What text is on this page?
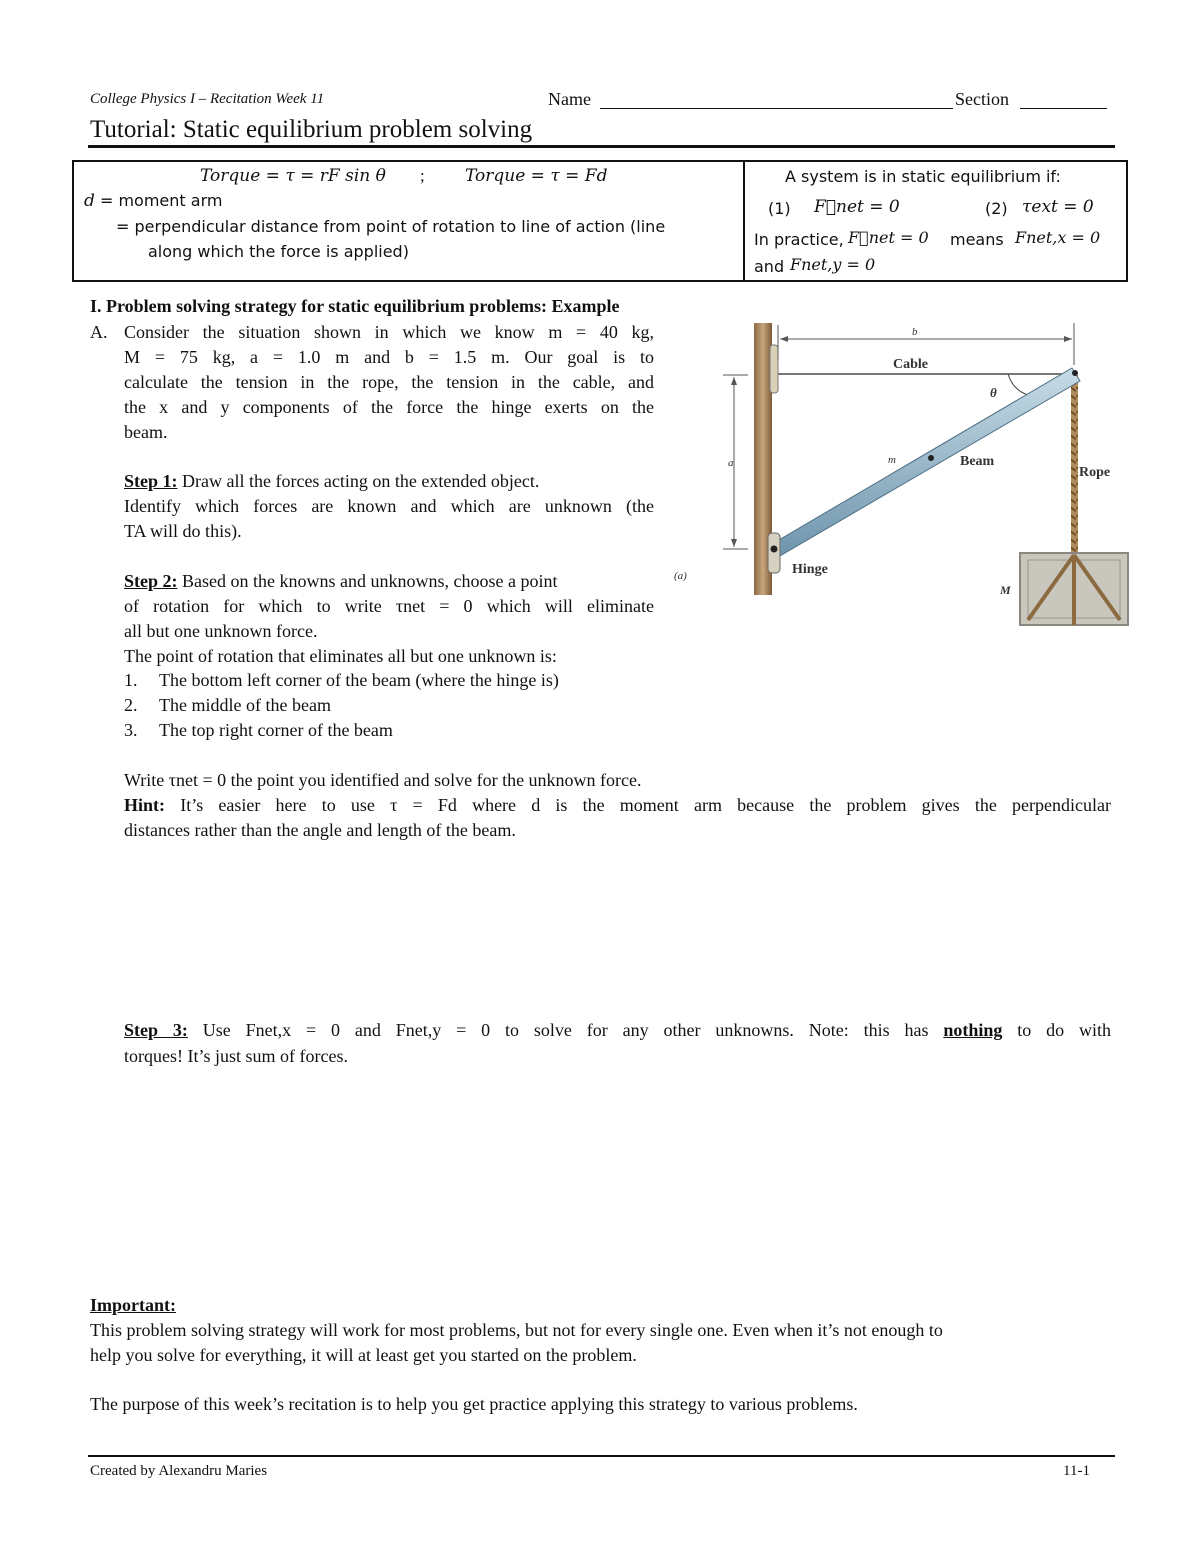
College Physics I – Recitation Week 11	Name	Section
Tutorial: Static equilibrium problem solving
Torque = τ = rF sin θ ; Torque = τ = Fd
d = moment arm
= perpendicular distance from point of rotation to line of action (line
along which the force is applied)
A system is in static equilibrium if:
(1) F⃗net = 0	(2) τext = 0
In practice, F⃗net = 0 means Fnet,x = 0
and Fnet,y = 0
I. Problem solving strategy for static equilibrium problems: Example
A. Consider the situation shown in which we know m = 40 kg,
M = 75 kg, a = 1.0 m and b = 1.5 m. Our goal is to
calculate the tension in the rope, the tension in the cable, and
the x and y components of the force the hinge exerts on the
beam.
Step 1: Draw all the forces acting on the extended object.
Identify which forces are known and which are unknown (the
TA will do this).
Step 2: Based on the knowns and unknowns, choose a point
of rotation for which to write τnet = 0 which will eliminate
all but one unknown force.
The point of rotation that eliminates all but one unknown is:
1. The bottom left corner of the beam (where the hinge is)
2. The middle of the beam
3. The top right corner of the beam
Write τnet = 0 the point you identified and solve for the unknown force.
Hint: It’s easier here to use τ = Fd where d is the moment arm because the problem gives the perpendicular
distances rather than the angle and length of the beam.
Step 3: Use Fnet,x = 0 and Fnet,y = 0 to solve for any other unknowns. Note: this has nothing to do with
torques! It’s just sum of forces.
Important:
This problem solving strategy will work for most problems, but not for every single one. Even when it’s not enough to
help you solve for everything, it will at least get you started on the problem.
The purpose of this week’s recitation is to help you get practice applying this strategy to various problems.
b
Cable
θ
a
Rope
m	Beam
Hinge
(a)
M
Created by Alexandru Maries	11-1
